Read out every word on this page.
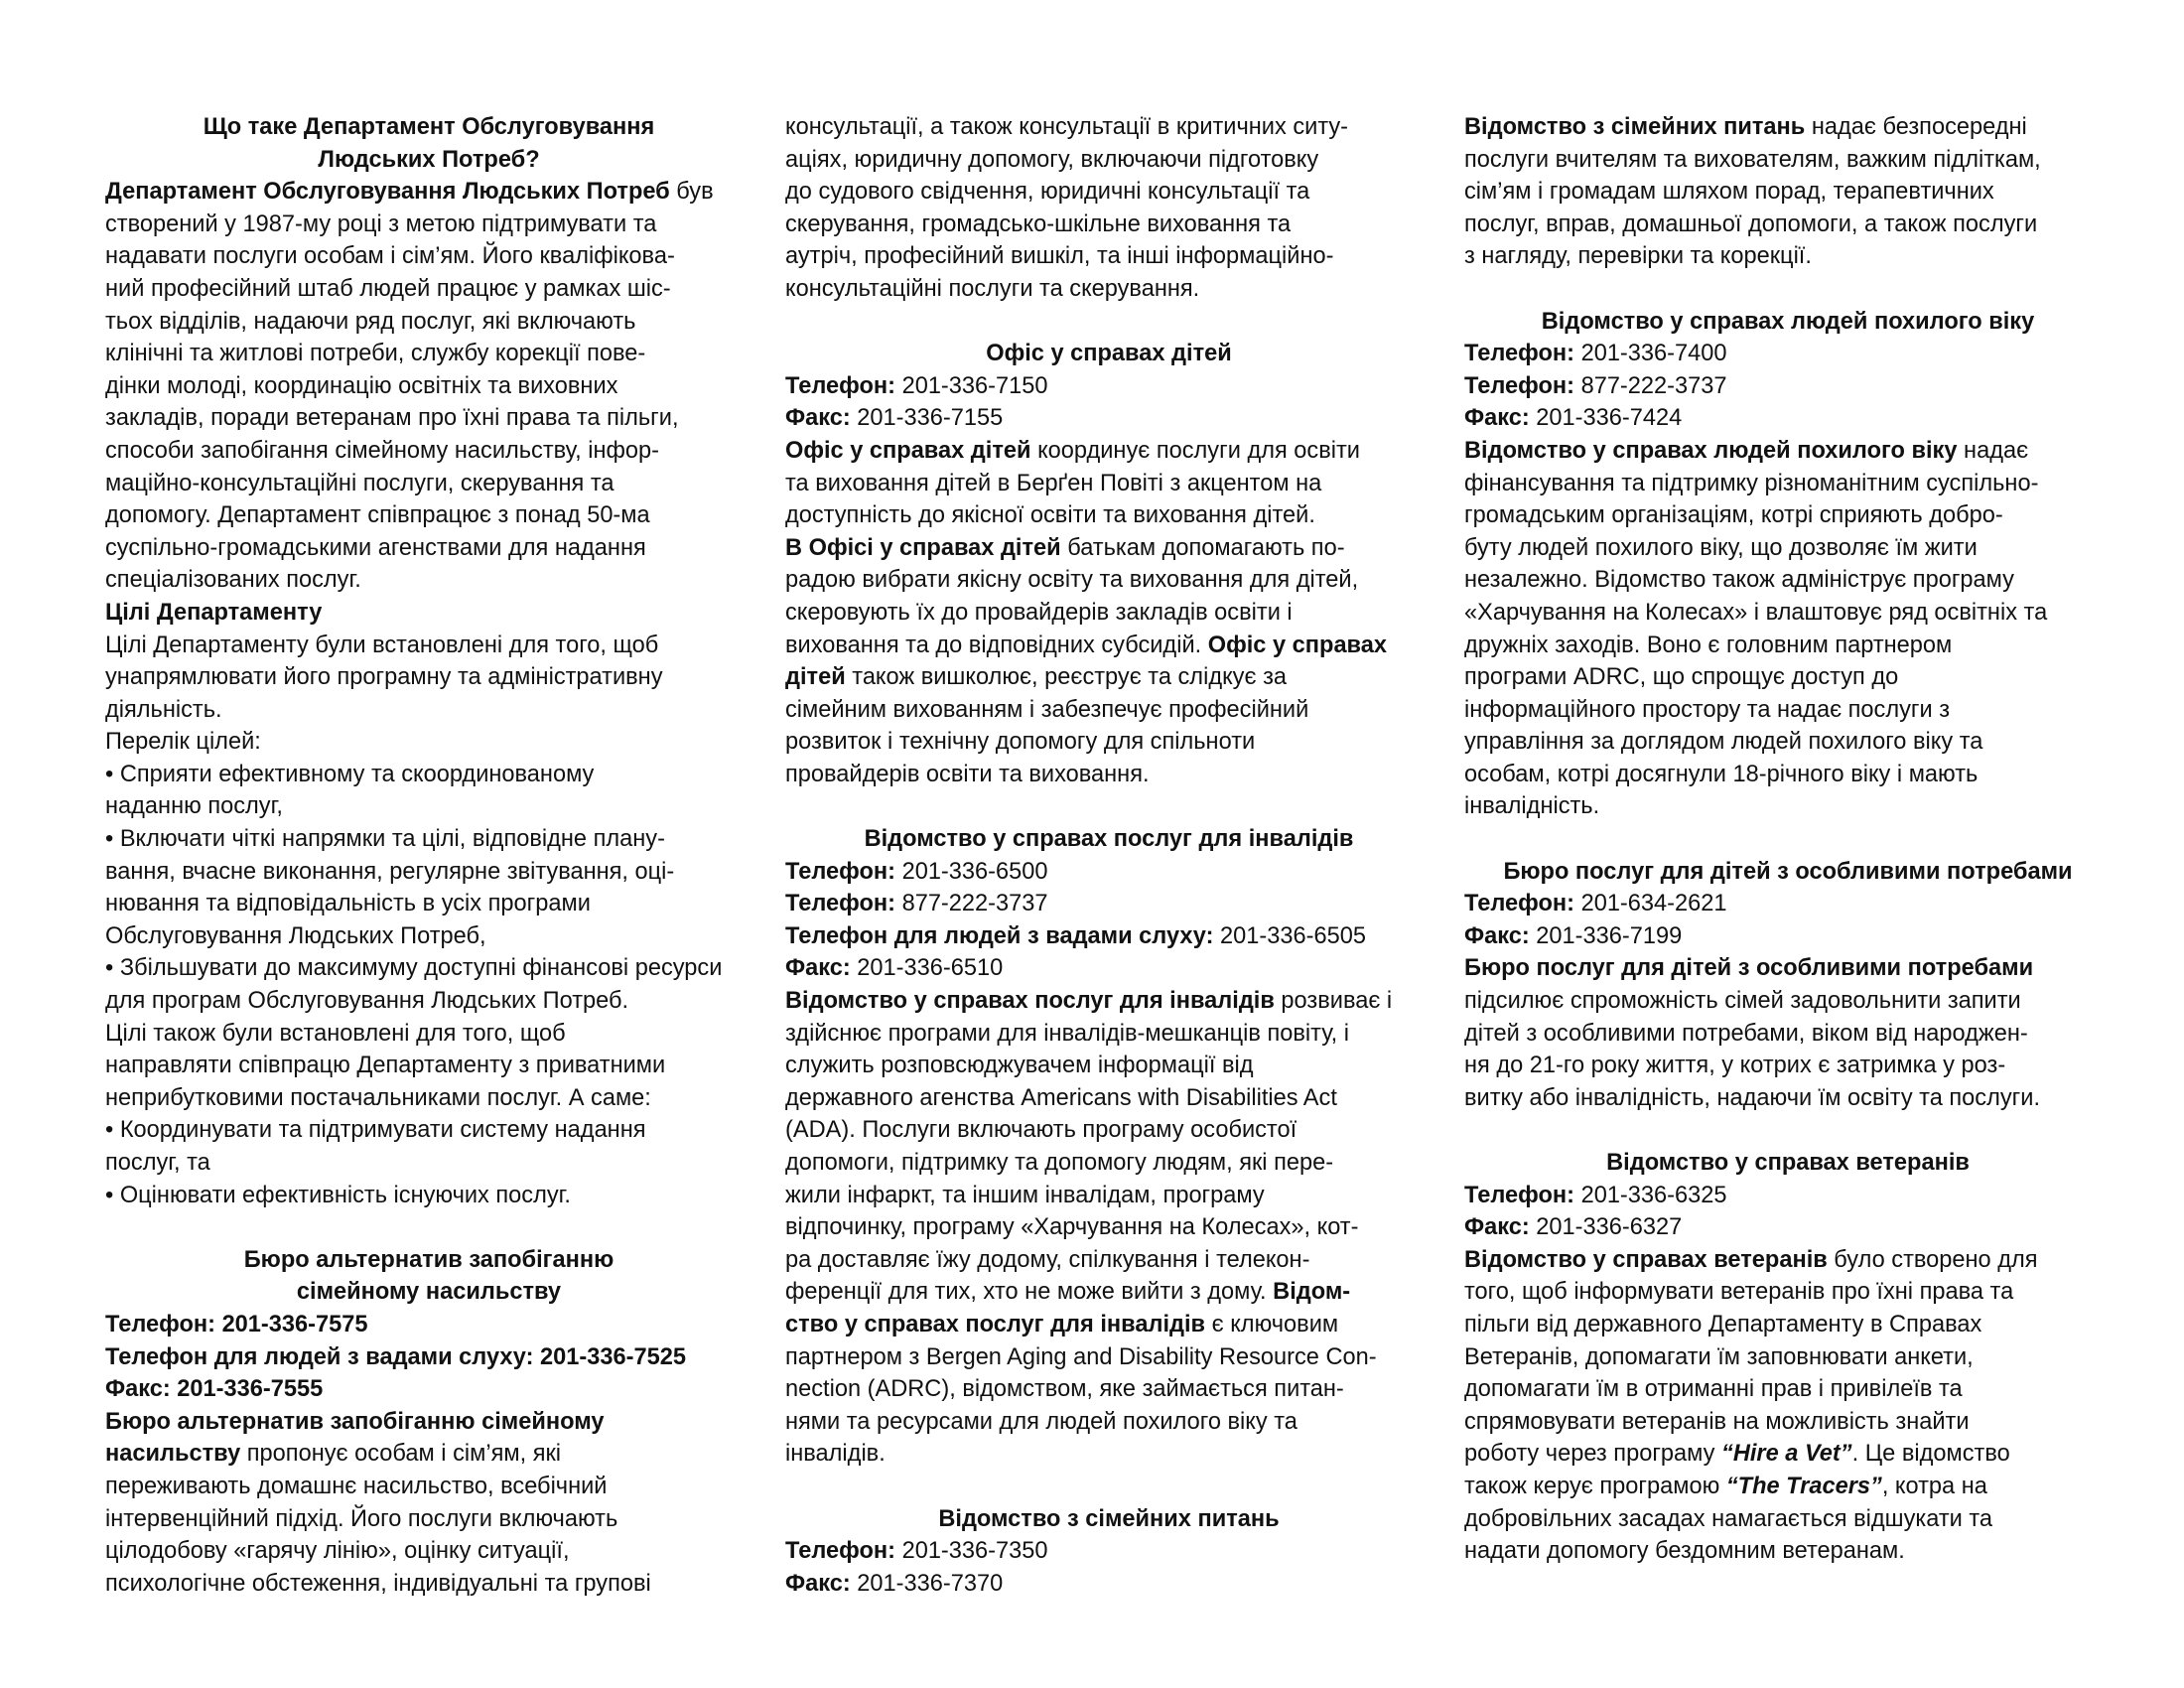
Що таке Департамент Обслуговування

Людських Потреб?

Департамент Обслуговування Людських Потреб був

створений у 1987-му році з метою підтримувати та

надавати послуги особам і сім’ям. Його кваліфікова-

ний професійний штаб людей працює у рамках шіс-

тьох відділів, надаючи ряд послуг, які включають

клінічні та житлові потреби, службу корекції пове-

дінки молоді, координацію освітніх та виховних

закладів, поради ветеранам про їхні права та пільги,

способи запобігання сімейному насильству, інфор-

маційно-консультаційні послуги, скерування та

допомогу. Департамент співпрацює з понад 50-ма

суспільно-громадськими агенствами для надання

спеціалізованих послуг.

Цілі Департаменту

Цілі Департаменту були встановлені для того, щоб

унапрямлювати його програмну та адміністративну

діяльність.

Перелік цілей:

• Сприяти ефективному та скоординованому

наданню послуг,

• Включати чіткі напрямки та цілі, відповідне плану-

вання, вчасне виконання, регулярне звітування, оці-

нювання та відповідальність в усіх програми

Обслуговування Людських Потреб,

• Збільшувати до максимуму доступні фінансові ресурси

для програм Обслуговування Людських Потреб.

Цілі також були встановлені для того, щоб

направляти співпрацю Департаменту з приватними

неприбутковими постачальниками послуг. А саме:

• Координувати та підтримувати систему надання

послуг, та

• Оцінювати ефективність існуючих послуг.

Бюро альтернатив запобіганню

сімейному насильству

Телефон: 201-336-7575

Телефон для людей з вадами слуху: 201-336-7525

Факс: 201-336-7555

Бюро альтернатив запобіганню сімейному

насильству пропонує особам і сім’ям, які

переживають домашнє насильство, всебічний

інтервенційний підхід. Його послуги включають

цілодобову «гарячу лінію», оцінку ситуації,

психологічне обстеження, індивідуальні та групові

консультації, а також консультації в критичних ситу-

аціях, юридичну допомогу, включаючи підготовку

до судового свідчення, юридичні консультації та

скерування, громадсько-шкільне виховання та

аутріч, професійний вишкіл, та інші інформаційно-

консультаційні послуги та скерування.

Офіс у справах дітей

Телефон: 201-336-7150

Факс: 201-336-7155

Офіс у справах дітей координує послуги для освіти

та виховання дітей в Берґен Повіті з акцентом на

доступність до якісної освіти та виховання дітей.

В Офісі у справах дітей батькам допомагають по-

радою вибрати якісну освіту та виховання для дітей,

скеровують їх до провайдерів закладів освіти і

виховання та до відповідних субсидій. Офіс у справах

дітей також вишколює, реєструє та слідкує за

сімейним вихованням і забезпечує професійний

розвиток і технічну допомогу для спільноти

провайдерів освіти та виховання.

Відомство у справах послуг для інвалідів

Телефон: 201-336-6500

Телефон: 877-222-3737

Телефон для людей з вадами слуху: 201-336-6505

Факс: 201-336-6510

Відомство у справах послуг для інвалідів розвиває і

здійснює програми для інвалідів-мешканців повіту, і

служить розповсюджувачем інформації від

державного агенства Americans with Disabilities Act

(ADA). Послуги включають програму особистої

допомоги, підтримку та допомогу людям, які пере-

жили інфаркт, та іншим інвалідам, програму

відпочинку, програму «Харчування на Колесах», кот-

ра доставляє їжу додому, спілкування і телекон-

ференції для тих, хто не може вийти з дому. Відом-

ство у справах послуг для інвалідів є ключовим

партнером з Bergen Aging and Disability Resource Con-

nection (ADRC), відомством, яке займається питан-

нями та ресурсами для людей похилого віку та

інвалідів.

Відомство з сімейних питань

Телефон: 201-336-7350

Факс: 201-336-7370

Відомство з сімейних питань надає безпосередні

послуги вчителям та вихователям, важким підліткам,

сім’ям і громадам шляхом порад, терапевтичних

послуг, вправ, домашньої допомоги, а також послуги

з нагляду, перевірки та корекції.

Відомство у справах людей похилого віку

Телефон: 201-336-7400

Телефон: 877-222-3737

Факс: 201-336-7424

Відомство у справах людей похилого віку надає

фінансування та підтримку різноманітним суспільно-

громадським організаціям, котрі сприяють добро-

буту людей похилого віку, що дозволяє їм жити

незалежно. Відомство також адмініструє програму

«Харчування на Колесах» і влаштовує ряд освітніх та

дружніх заходів. Воно є головним партнером

програми ADRC, що спрощує доступ до

інформаційного простору та надає послуги з

управління за доглядом людей похилого віку та

особам, котрі досягнули 18-річного віку і мають

інвалідність.

Бюро послуг для дітей з особливими потребами

Телефон: 201-634-2621

Факс: 201-336-7199

Бюро послуг для дітей з особливими потребами

підсилює спроможність сімей задовольнити запити

дітей з особливими потребами, віком від народжен-

ня до 21-го року життя, у котрих є затримка у роз-

витку або інвалідність, надаючи їм освіту та послуги.

Відомство у справах ветеранів

Телефон: 201-336-6325

Факс: 201-336-6327

Відомство у справах ветеранів було створено для

того, щоб інформувати ветеранів про їхні права та

пільги від державного Департаменту в Справах

Ветеранів, допомагати їм заповнювати анкети,

допомагати їм в отриманні прав і привілеїв та

спрямовувати ветеранів на можливість знайти

роботу через програму “Hire a Vet”. Це відомство

також керує програмою “The Tracers”, котра на

добровільних засадах намагається відшукати та

надати допомогу бездомним ветеранам.
